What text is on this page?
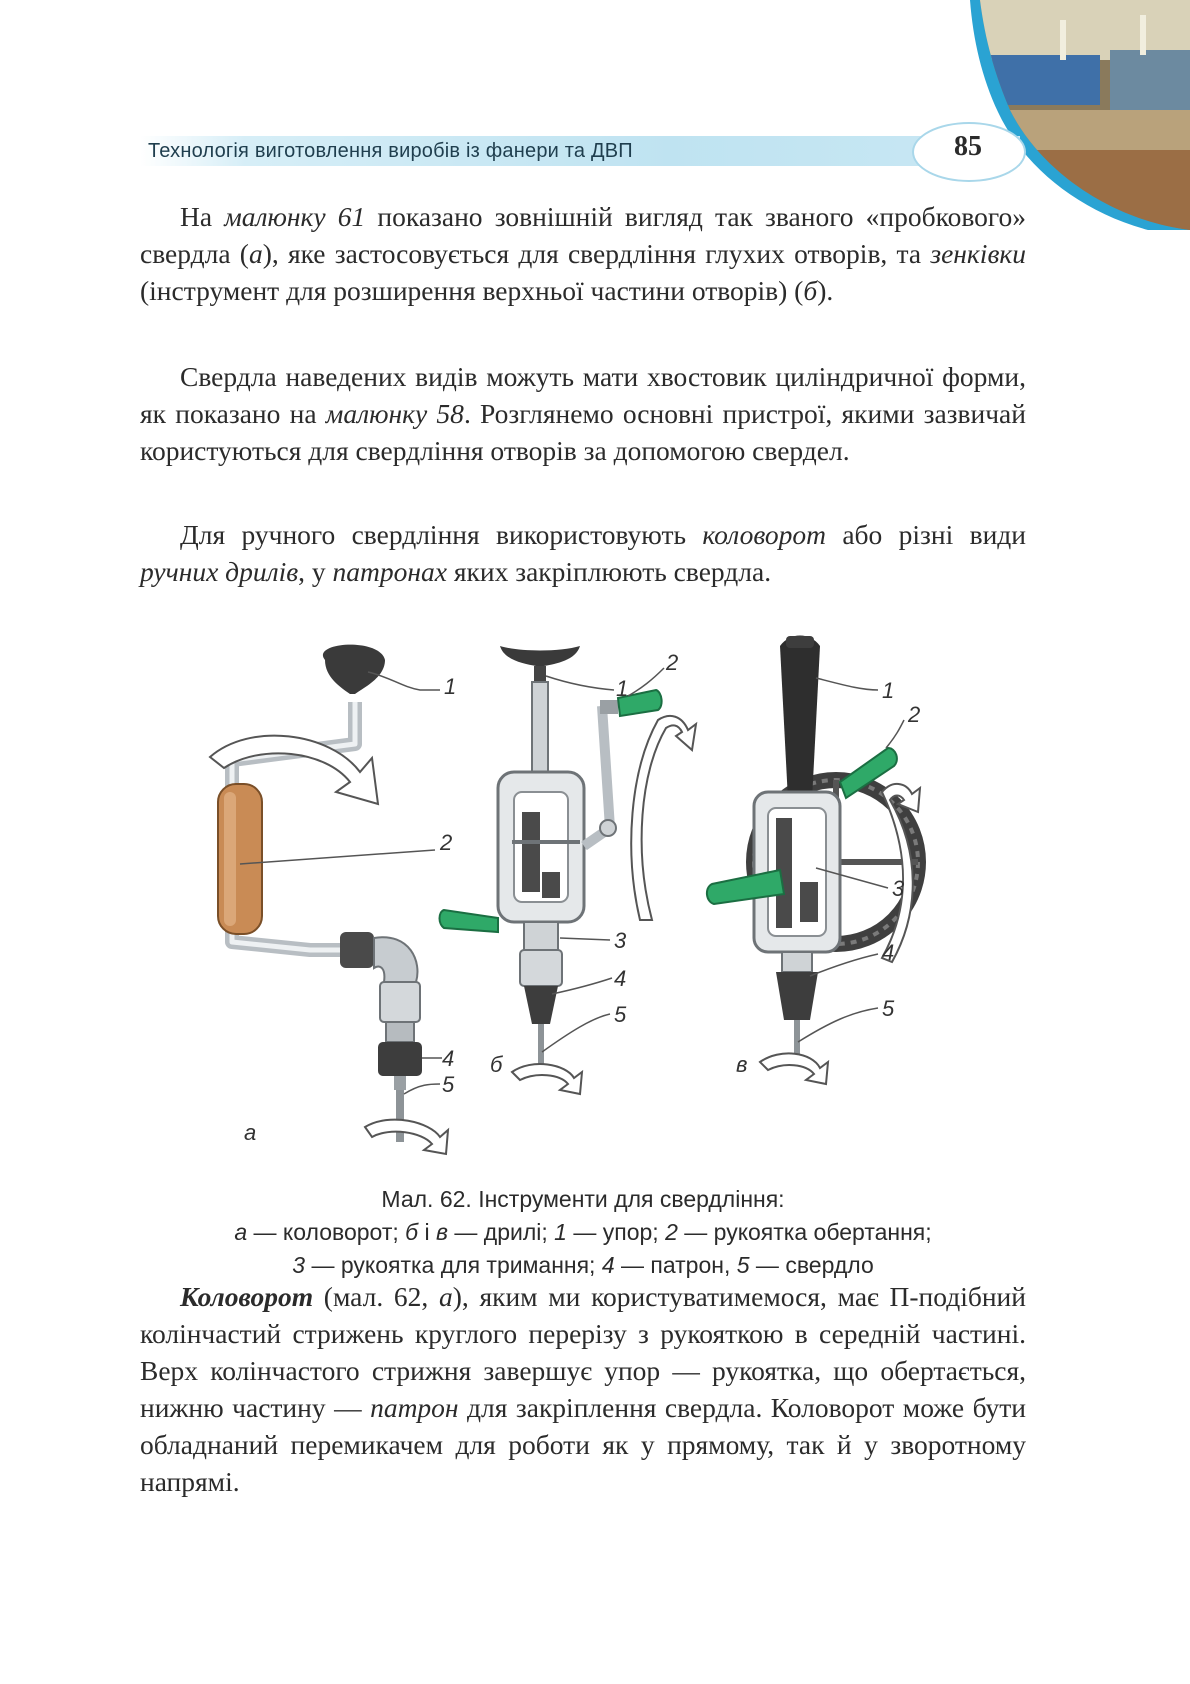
Технологія виготовлення виробів із фанери та ДВП	85

На малюнку 61 показано зовнішній вигляд так званого «пробкового» свердла (а), яке застосовується для свердління глухих отворів, та зенківки (інструмент для розширення верхньої частини отворів) (б).

Свердла наведених видів можуть мати хвостовик циліндричної форми, як показано на малюнку 58. Розглянемо основні пристрої, якими зазвичай користуються для свердління отворів за допомогою свердел.

Для ручного свердління використовують коловорот або різні види ручних дрилів, у патронах яких закріплюють свердла.

1
2
4
5
а
1
2
3
4
5
б
1
2
3
4
5
в
Мал. 62. Інструменти для свердління:
а — коловорот; б і в — дрилі; 1 — упор; 2 — рукоятка обертання;
3 — рукоятка для тримання; 4 — патрон, 5 — свердло

Коловорот (мал. 62, а), яким ми користуватимемося, має П-подібний колінчастий стрижень круглого перерізу з рукояткою в середній частині. Верх колінчастого стрижня завершує упор — рукоятка, що обертається, нижню частину — патрон для закріплення свердла. Коловорот може бути обладнаний перемикачем для роботи як у прямому, так й у зворотному напрямі.
